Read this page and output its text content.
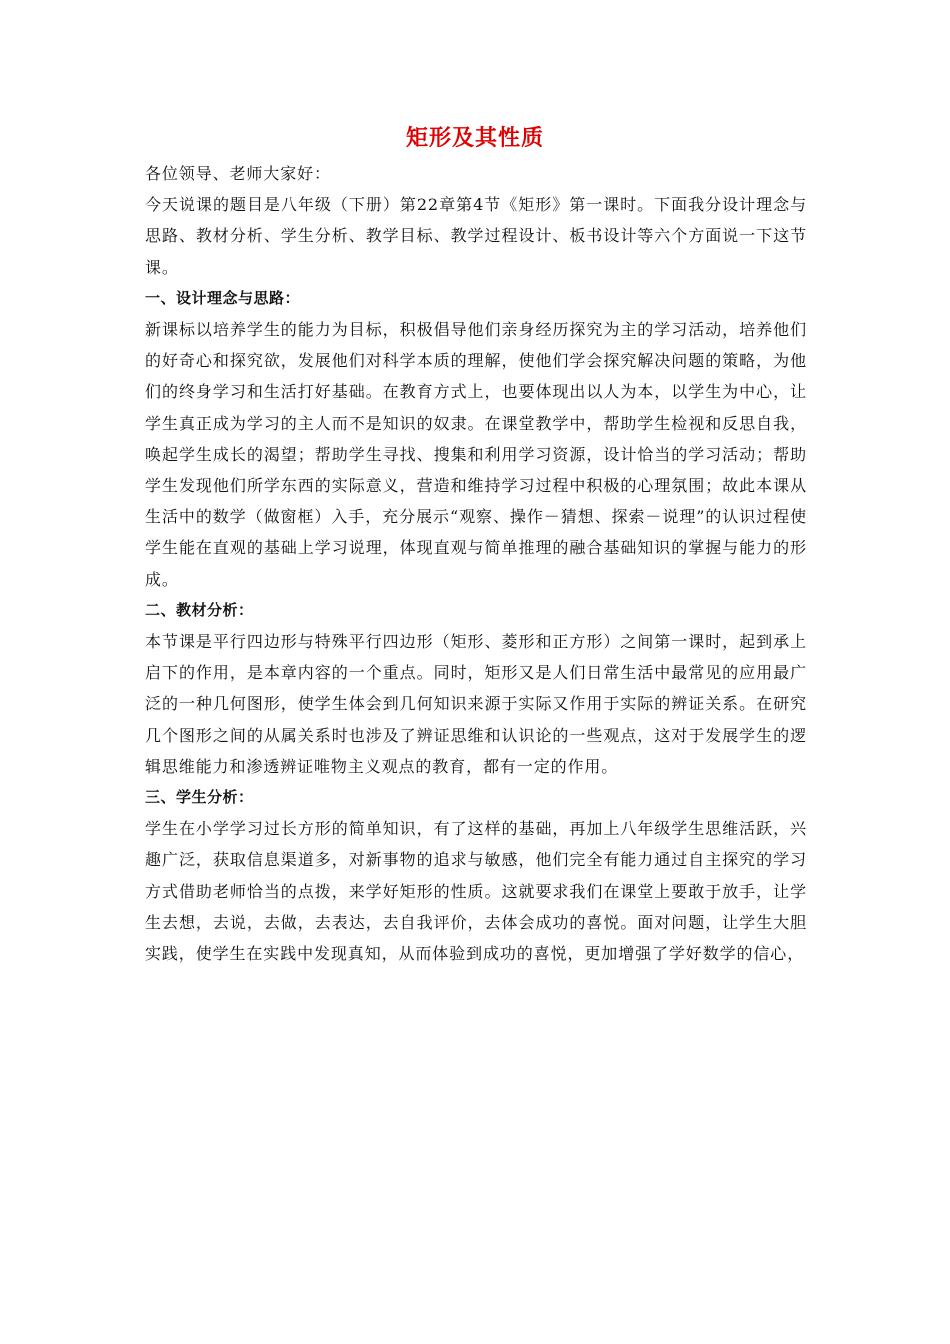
矩形及其性质

各位领导、老师大家好：

今天说课的题目是八年级（下册）第22章第4节《矩形》第一课时。下面我分设计理念与思路、教材分析、学生分析、教学目标、教学过程设计、板书设计等六个方面说一下这节课。

一、设计理念与思路：

新课标以培养学生的能力为目标，积极倡导他们亲身经历探究为主的学习活动，培养他们的好奇心和探究欲，发展他们对科学本质的理解，使他们学会探究解决问题的策略，为他们的终身学习和生活打好基础。在教育方式上，也要体现出以人为本，以学生为中心，让学生真正成为学习的主人而不是知识的奴隶。在课堂教学中，帮助学生检视和反思自我，唤起学生成长的渴望；帮助学生寻找、搜集和利用学习资源，设计恰当的学习活动；帮助学生发现他们所学东西的实际意义，营造和维持学习过程中积极的心理氛围；故此本课从生活中的数学（做窗框）入手，充分展示“观察、操作－猜想、探索－说理”的认识过程使学生能在直观的基础上学习说理，体现直观与简单推理的融合基础知识的掌握与能力的形成。

二、教材分析：

本节课是平行四边形与特殊平行四边形（矩形、菱形和正方形）之间第一课时，起到承上启下的作用，是本章内容的一个重点。同时，矩形又是人们日常生活中最常见的应用最广泛的一种几何图形，使学生体会到几何知识来源于实际又作用于实际的辨证关系。在研究几个图形之间的从属关系时也涉及了辨证思维和认识论的一些观点，这对于发展学生的逻辑思维能力和渗透辨证唯物主义观点的教育，都有一定的作用。

三、学生分析：

学生在小学学习过长方形的简单知识，有了这样的基础，再加上八年级学生思维活跃，兴趣广泛，获取信息渠道多，对新事物的追求与敏感，他们完全有能力通过自主探究的学习方式借助老师恰当的点拨，来学好矩形的性质。这就要求我们在课堂上要敢于放手，让学生去想，去说，去做，去表达，去自我评价，去体会成功的喜悦。面对问题，让学生大胆实践，使学生在实践中发现真知，从而体验到成功的喜悦，更加增强了学好数学的信心，
